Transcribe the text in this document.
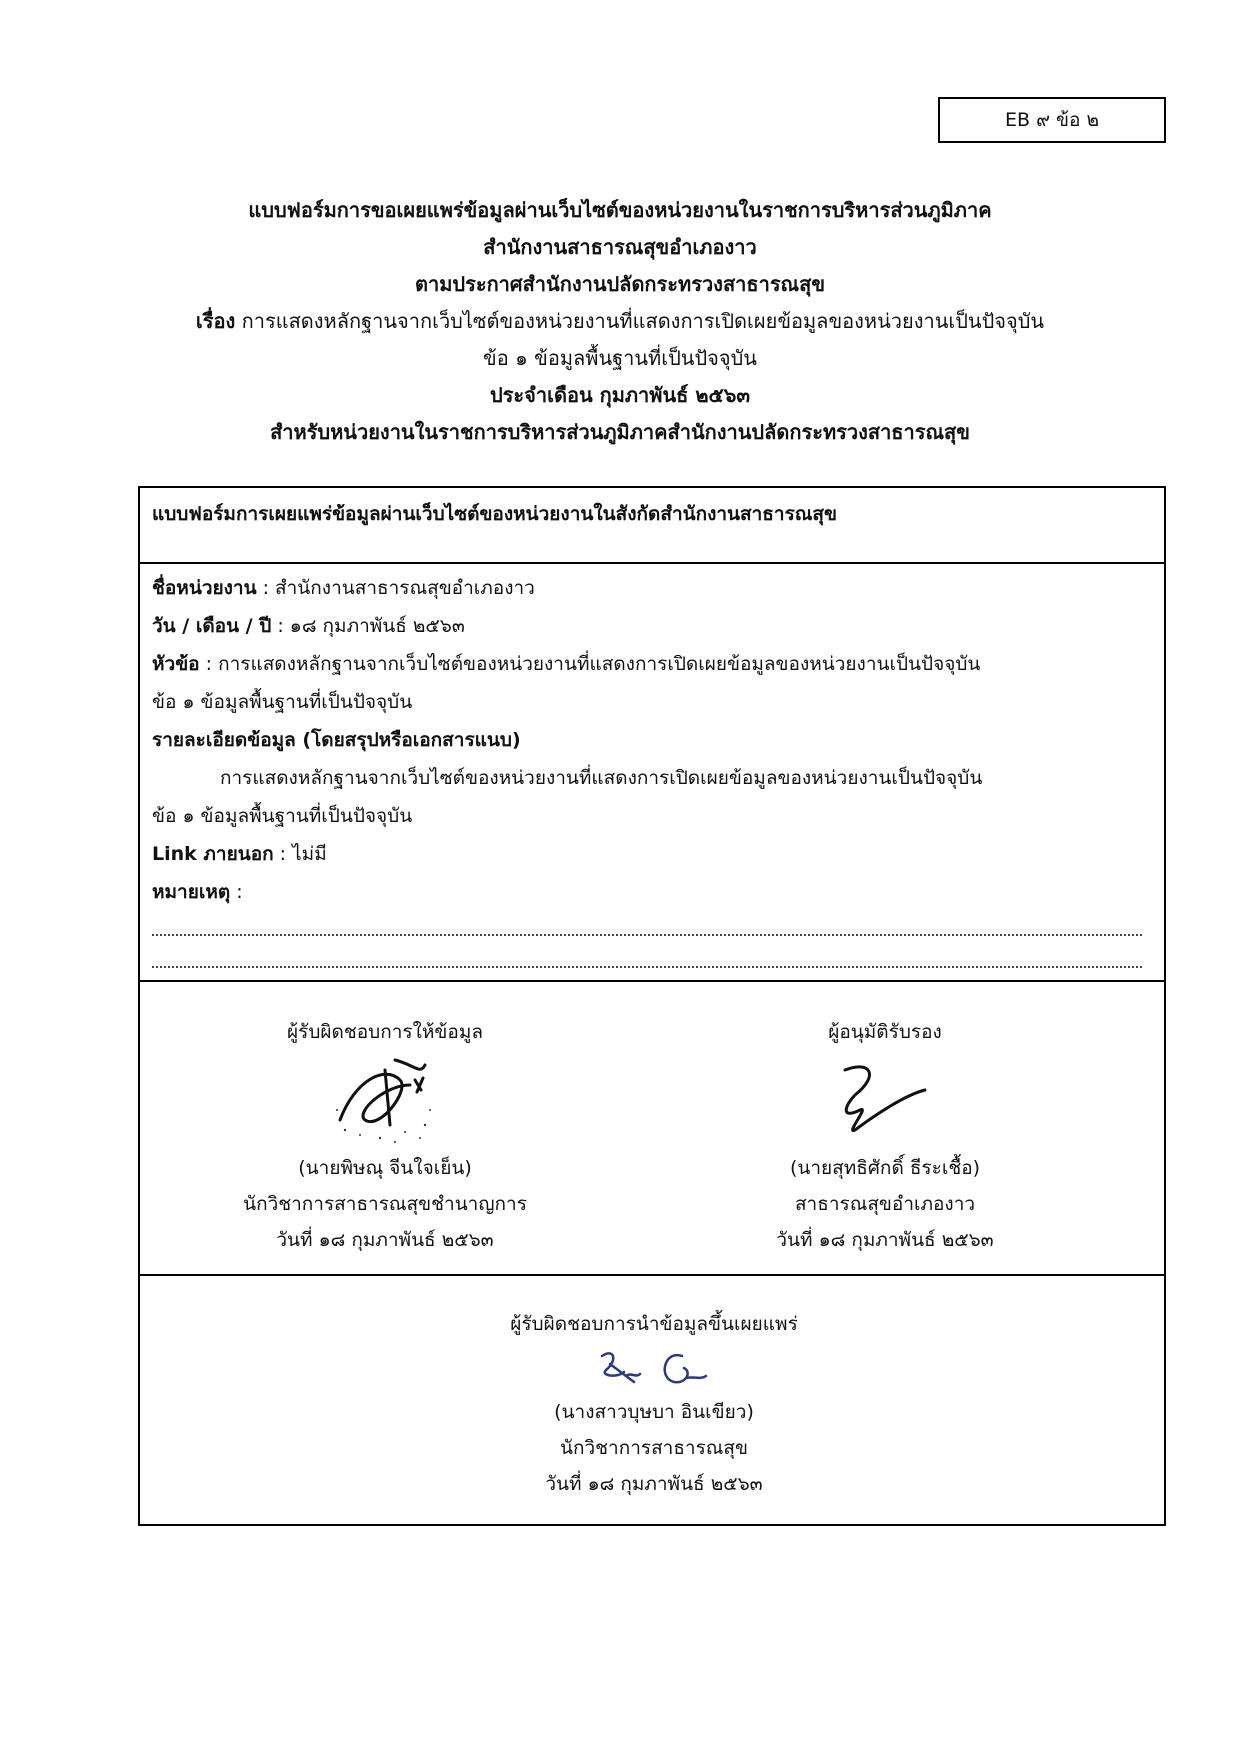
EB ๙ ข้อ ๒
แบบฟอร์มการขอเผยแพร่ข้อมูลผ่านเว็บไซต์ของหน่วยงานในราชการบริหารส่วนภูมิภาค
สำนักงานสาธารณสุขอำเภองาว
ตามประกาศสำนักงานปลัดกระทรวงสาธารณสุข
เรื่อง การแสดงหลักฐานจากเว็บไซต์ของหน่วยงานที่แสดงการเปิดเผยข้อมูลของหน่วยงานเป็นปัจจุบัน
ข้อ ๑ ข้อมูลพื้นฐานที่เป็นปัจจุบัน
ประจำเดือน กุมภาพันธ์ ๒๕๖๓
สำหรับหน่วยงานในราชการบริหารส่วนภูมิภาคสำนักงานปลัดกระทรวงสาธารณสุข
แบบฟอร์มการเผยแพร่ข้อมูลผ่านเว็บไซต์ของหน่วยงานในสังกัดสำนักงานสาธารณสุข
ชื่อหน่วยงาน : สำนักงานสาธารณสุขอำเภองาว
วัน / เดือน / ปี : ๑๘ กุมภาพันธ์ ๒๕๖๓
หัวข้อ : การแสดงหลักฐานจากเว็บไซต์ของหน่วยงานที่แสดงการเปิดเผยข้อมูลของหน่วยงานเป็นปัจจุบัน
ข้อ ๑ ข้อมูลพื้นฐานที่เป็นปัจจุบัน
รายละเอียดข้อมูล (โดยสรุปหรือเอกสารแนบ)
การแสดงหลักฐานจากเว็บไซต์ของหน่วยงานที่แสดงการเปิดเผยข้อมูลของหน่วยงานเป็นปัจจุบัน
ข้อ ๑ ข้อมูลพื้นฐานที่เป็นปัจจุบัน
Link ภายนอก : ไม่มี
หมายเหตุ :
ผู้รับผิดชอบการให้ข้อมูล
(นายพิษณุ จีนใจเย็น)
นักวิชาการสาธารณสุขชำนาญการ
วันที่ ๑๘ กุมภาพันธ์ ๒๕๖๓
ผู้อนุมัติรับรอง
(นายสุทธิศักดิ์ ธีระเชื้อ)
สาธารณสุขอำเภองาว
วันที่ ๑๘ กุมภาพันธ์ ๒๕๖๓
ผู้รับผิดชอบการนำข้อมูลขึ้นเผยแพร่
(นางสาวบุษบา อินเขียว)
นักวิชาการสาธารณสุข
วันที่ ๑๘ กุมภาพันธ์ ๒๕๖๓
